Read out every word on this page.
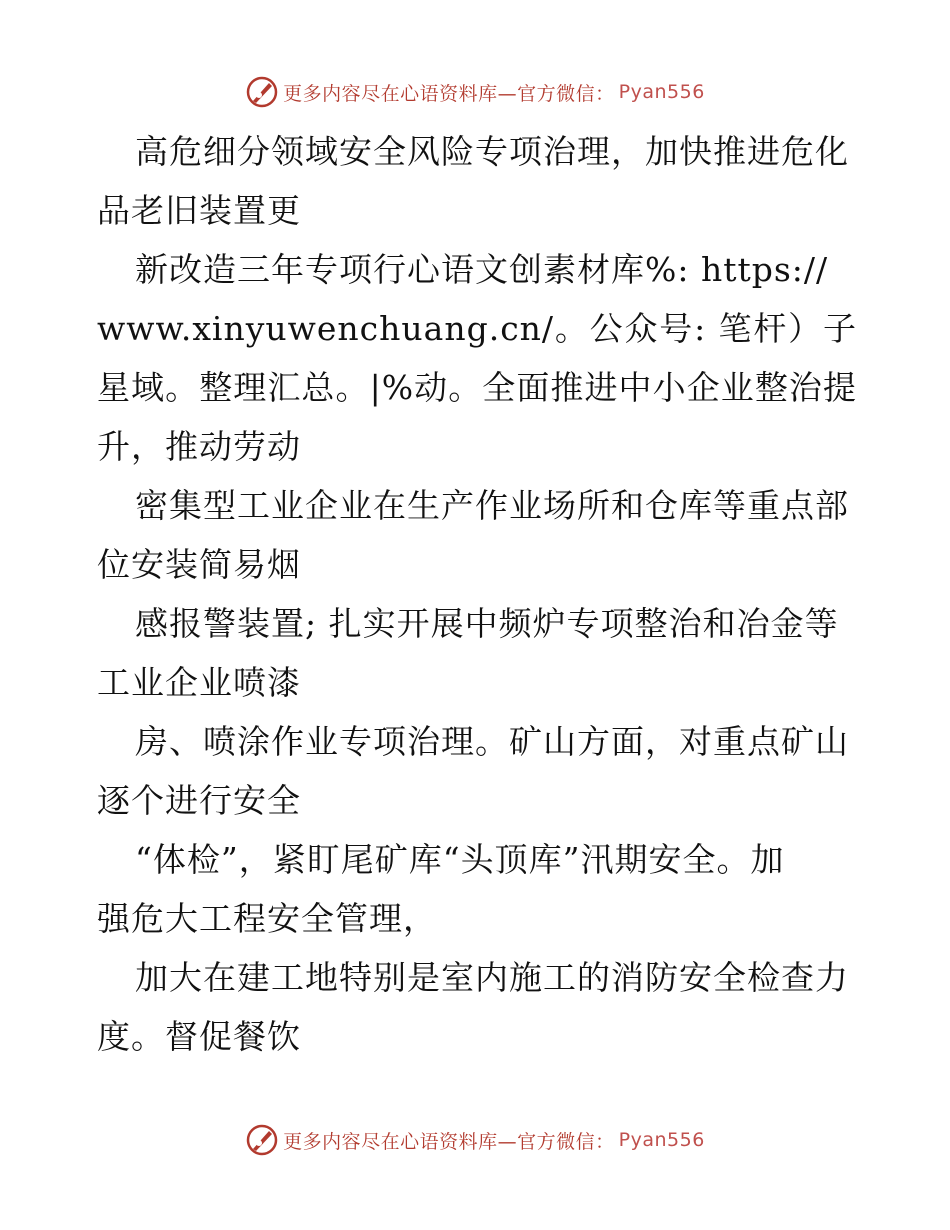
更多内容尽在心语资料库—官方微信： Pyan556

高危细分领域安全风险专项治理，加快推进危化
品老旧装置更

新改造三年专项行心语文创素材库%: https://
www.xinyuwenchuang.cn/。公众号: 笔杆）子星域。整理汇总。|%动。全面推进中小企业整治提升，推动劳动

密集型工业企业在生产作业场所和仓库等重点部
位安装简易烟

感报警装置; 扎实开展中频炉专项整治和冶金等
工业企业喷漆

房、喷涂作业专项治理。矿山方面，对重点矿山
逐个进行安全

“体检”，紧盯尾矿库“头顶库”汛期安全。加
强危大工程安全管理，

加大在建工地特别是室内施工的消防安全检查力
度。督促餐饮

更多内容尽在心语资料库—官方微信： Pyan556
